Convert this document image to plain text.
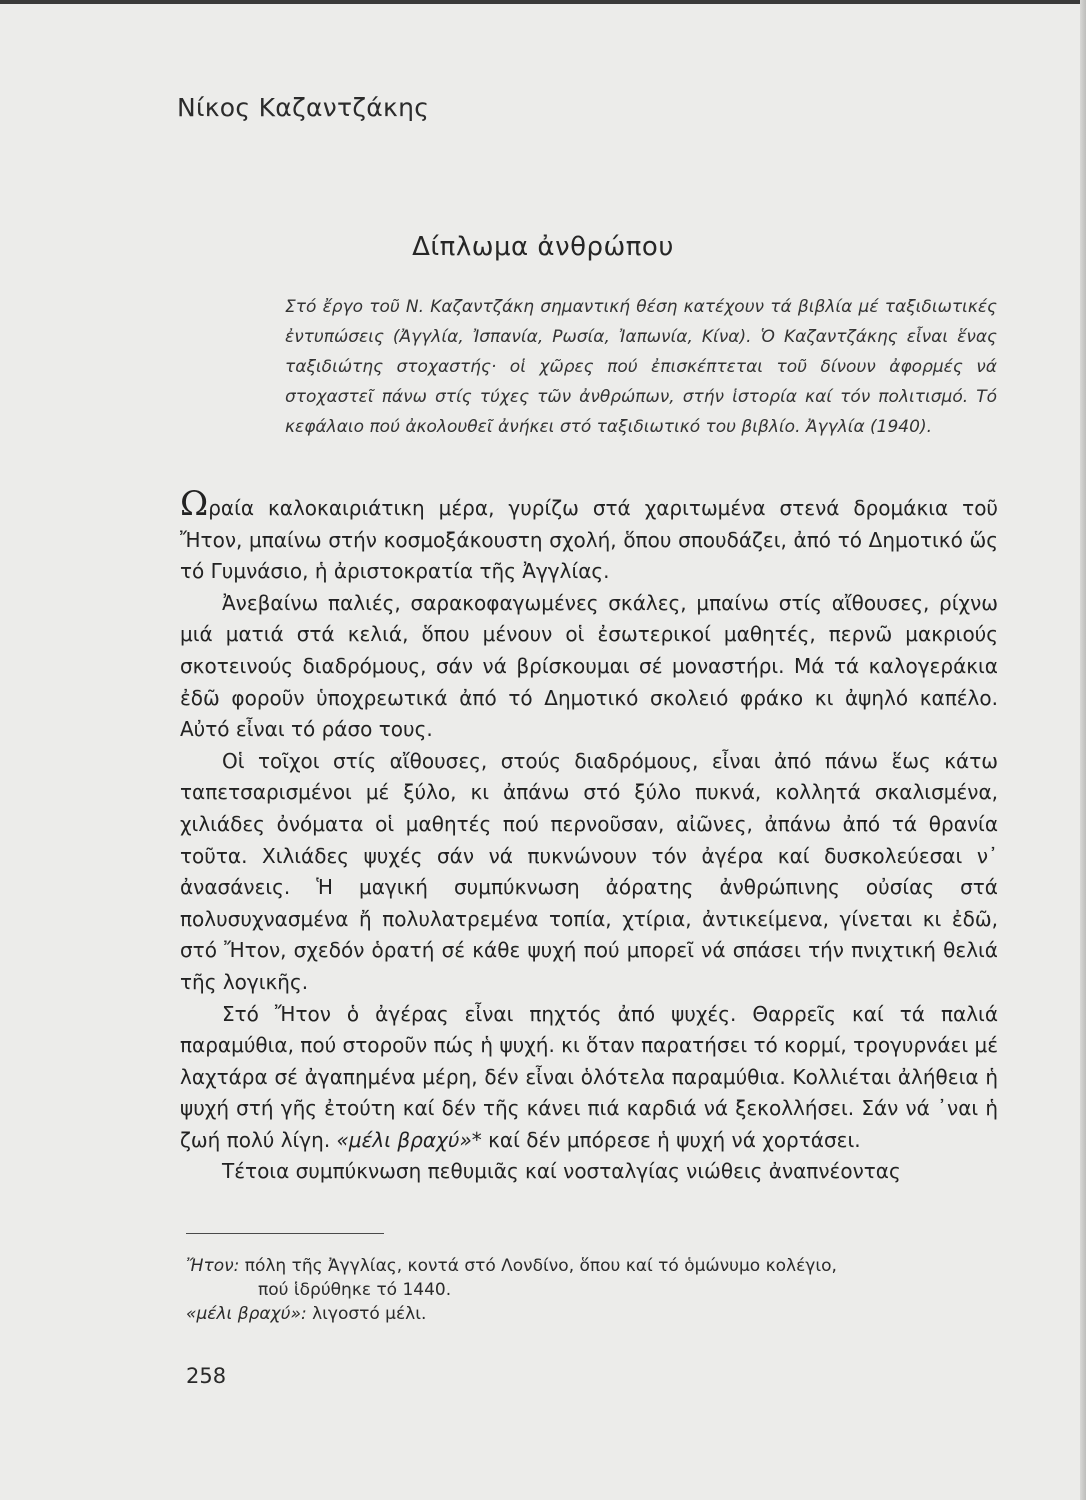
Νίκος Καζαντζάκης
Δίπλωμα ἀνθρώπου

Στό ἔργο τοῦ Ν. Καζαντζάκη σημαντική θέση κατέχουν τά βιβλία μέ ταξιδιωτικές ἐντυπώσεις (Ἀγγλία, Ἰσπανία, Ρωσία, Ἰαπωνία, Κίνα). Ὁ Καζαντζάκης εἶναι ἕνας ταξιδιώτης στοχαστής· οἱ χῶρες πού ἐπισκέπτεται τοῦ δίνουν ἀφορμές νά στοχαστεῖ πάνω στίς τύχες τῶν ἀνθρώπων, στήν ἱστορία καί τόν πολιτισμό. Τό κεφάλαιο πού ἀκολουθεῖ ἀνήκει στό ταξιδιωτικό του βιβλίο. Ἀγγλία (1940).

Ωραία καλοκαιριάτικη μέρα, γυρίζω στά χαριτωμένα στενά δρομάκια τοῦ Ἤτον, μπαίνω στήν κοσμοξάκουστη σχολή, ὅπου σπουδάζει, ἀπό τό Δημοτικό ὥς τό Γυμνάσιο, ἡ ἀριστοκρατία τῆς Ἀγγλίας.

Ἀνεβαίνω παλιές, σαρακοφαγωμένες σκάλες, μπαίνω στίς αἴθουσες, ρίχνω μιά ματιά στά κελιά, ὅπου μένουν οἱ ἐσωτερικοί μαθητές, περνῶ μακριούς σκοτεινούς διαδρόμους, σάν νά βρίσκουμαι σέ μοναστήρι. Μά τά καλογεράκια ἐδῶ φοροῦν ὑποχρεωτικά ἀπό τό Δημοτικό σκολειό φράκο κι ἀψηλό καπέλο. Αὐτό εἶναι τό ράσο τους.

Οἱ τοῖχοι στίς αἴθουσες, στούς διαδρόμους, εἶναι ἀπό πάνω ἕως κάτω ταπετσαρισμένοι μέ ξύλο, κι ἀπάνω στό ξύλο πυκνά, κολλητά σκαλισμένα, χιλιάδες ὀνόματα οἱ μαθητές πού περνοῦσαν, αἰῶνες, ἀπάνω ἀπό τά θρανία τοῦτα. Χιλιάδες ψυχές σάν νά πυκνώνουν τόν ἀγέρα καί δυσκολεύεσαι ν᾽ ἀνασάνεις. Ἡ μαγική συμπύκνωση ἀόρατης ἀνθρώπινης οὐσίας στά πολυσυχνασμένα ἤ πολυλατρεμένα τοπία, χτίρια, ἀντικείμενα, γίνεται κι ἐδῶ, στό Ἤτον, σχεδόν ὁρατή σέ κάθε ψυχή πού μπορεῖ νά σπάσει τήν πνιχτική θελιά τῆς λογικῆς.

Στό Ἤτον ὁ ἀγέρας εἶναι πηχτός ἀπό ψυχές. Θαρρεῖς καί τά παλιά παραμύθια, πού στοροῦν πώς ἡ ψυχή. κι ὅταν παρατήσει τό κορμί, τρογυρνάει μέ λαχτάρα σέ ἀγαπημένα μέρη, δέν εἶναι ὁλότελα παραμύθια. Κολλιέται ἀλήθεια ἡ ψυχή στή γῆς ἐτούτη καί δέν τῆς κάνει πιά καρδιά νά ξεκολλήσει. Σάν νά ᾽ναι ἡ ζωή πολύ λίγη. «μέλι βραχύ»* καί δέν μπόρεσε ἡ ψυχή νά χορτάσει.

Τέτοια συμπύκνωση πεθυμιᾶς καί νοσταλγίας νιώθεις ἀναπνέοντας

Ἤτον: πόλη τῆς Ἀγγλίας, κοντά στό Λονδίνο, ὅπου καί τό ὁμώνυμο κολέγιο,

πού ἱδρύθηκε τό 1440.

«μέλι βραχύ»: λιγοστό μέλι.

258
